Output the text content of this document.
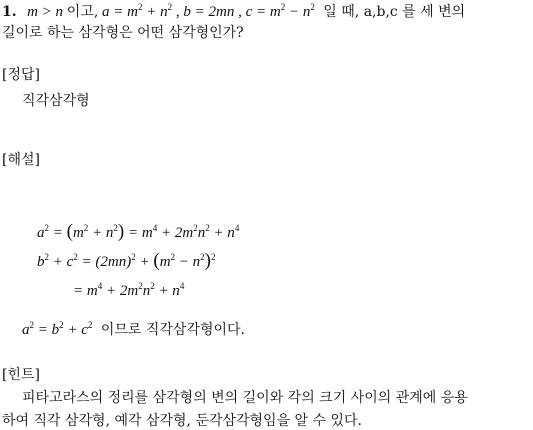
1. m > n 이고, $a = m^2 + n^2$ , b = 2mn , $c = m^2 - n^2$ 일 때, a,b,c 를 세 변의
길이로 하는 삼각형은 어떤 삼각형인가?
[정답]
직각삼각형
[해설]
$a^2 = (m^2 + n^2) = m^4 + 2m^2n^2 + n^4$
$b^2 + c^2 = (2mn)^2 + (m^2 - n^2)^2$
= $m^4 + 2m^2n^2 + n^4$
$a^2 = b^2 + c^2$ 이므로 직각삼각형이다.
[힌트]
피타고라스의 정리를 삼각형의 변의 길이와 각의 크기 사이의 관계에 응용
하여 직각 삼각형, 예각 삼각형, 둔각삼각형임을 알 수 있다.
